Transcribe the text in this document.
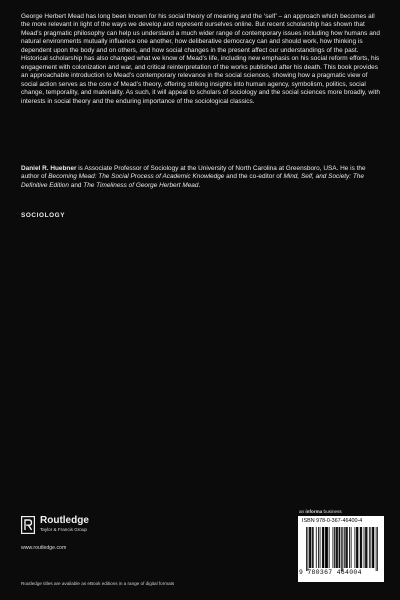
George Herbert Mead has long been known for his social theory of meaning and the ‘self’ – an approach which becomes all the more relevant in light of the ways we develop and represent ourselves online. But recent scholarship has shown that Mead’s pragmatic philosophy can help us understand a much wider range of contemporary issues including how humans and natural environments mutually influence one another, how deliberative democracy can and should work, how thinking is dependent upon the body and on others, and how social changes in the present affect our understandings of the past. Historical scholarship has also changed what we know of Mead’s life, including new emphasis on his social reform efforts, his engagement with colonization and war, and critical reinterpretation of the works published after his death. This book provides an approachable introduction to Mead’s contemporary relevance in the social sciences, showing how a pragmatic view of social action serves as the core of Mead’s theory, offering striking insights into human agency, symbolism, politics, social change, temporality, and materiality. As such, it will appeal to scholars of sociology and the social sciences more broadly, with interests in social theory and the enduring importance of the sociological classics.

Daniel R. Huebner is Associate Professor of Sociology at the University of North Carolina at Greensboro, USA. He is the author of Becoming Mead: The Social Process of Academic Knowledge and the co-editor of Mind, Self, and Society: The Definitive Edition and The Timeliness of George Herbert Mead.

SOCIOLOGY
an informa business
Routledge
Taylor & Francis Group
www.routledge.com
ISBN 978-0-367-46400-4
9 780367 464004
Routledge titles are available as eBook editions in a range of digital formats
